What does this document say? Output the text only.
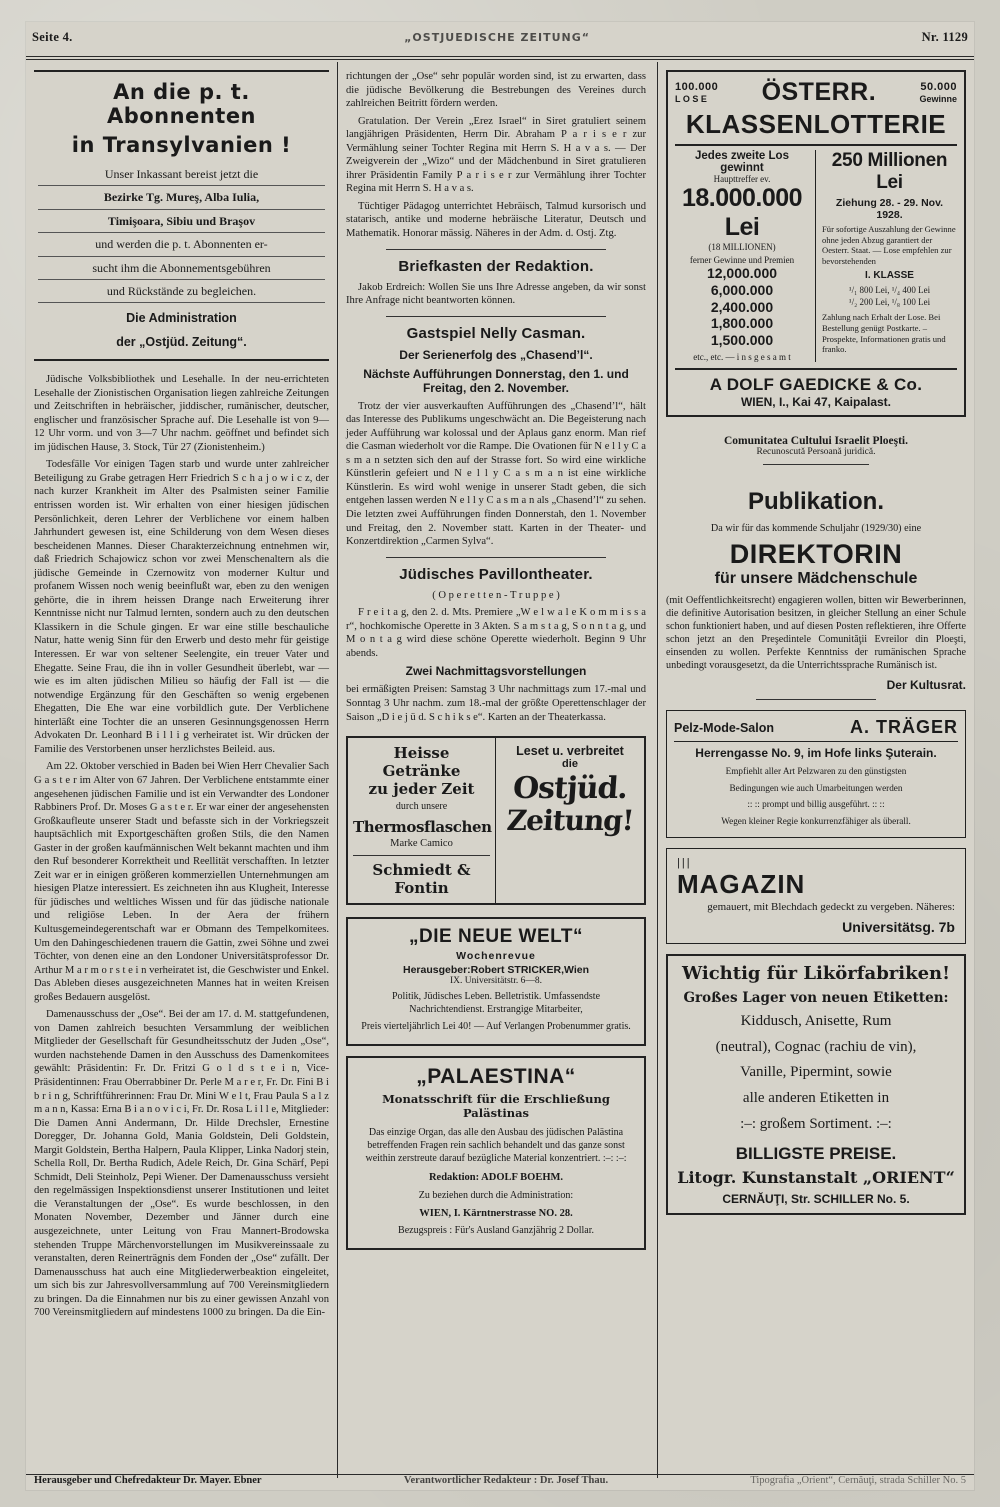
Seite 4.	„OSTJUEDISCHE ZEITUNG“	Nr. 1129
An die p. t. Abonnenten
in Transylvanien !
Unser Inkassant bereist jetzt die
Bezirke Tg. Mureş, Alba Iulia,
Timişoara, Sibiu und Braşov
und werden die p. t. Abonnenten er-
sucht ihm die Abonnementsgebühren
und Rückstände zu begleichen.
Die Administration
der „Ostjüd. Zeitung“.

Jüdische Volksbibliothek und Lesehalle. In der neu-errichteten Lesehalle der Zionistischen Organisation liegen zahlreiche Zeitungen und Zeitschriften in hebräischer, jiddischer, rumänischer, deutscher, englischer und französischer Sprache auf. Die Lesehalle ist von 9—12 Uhr vorm. und von 3—7 Uhr nachm. geöffnet und befindet sich im jüdischen Hause, 3. Stock, Tür 27 (Zionistenheim.)

Todesfälle Vor einigen Tagen starb und wurde unter zahlreicher Beteiligung zu Grabe getragen Herr Friedrich S c h a j o w i c z, der nach kurzer Krankheit im Alter des Psalmisten seiner Familie entrissen worden ist. Wir erhalten von einer hiesigen jüdischen Persönlichkeit, deren Lehrer der Verblichene vor einem halben Jahrhundert gewesen ist, eine Schilderung von dem Wesen dieses bescheidenen Mannes. Dieser Charakterzeichnung entnehmen wir, daß Friedrich Schajowicz schon vor zwei Menschenaltern als die jüdische Gemeinde in Czernowitz von moderner Kultur und profanem Wissen noch wenig beeinflußt war, eben zu den wenigen gehörte, die in ihrem heissen Drange nach Erweiterung ihrer Kenntnisse nicht nur Talmud lernten, sondern auch zu den deutschen Klassikern in die Schule gingen. Er war eine stille beschauliche Natur, hatte wenig Sinn für den Erwerb und desto mehr für geistige Interessen. Er war von seltener Seelengite, ein treuer Vater und Ehegatte. Seine Frau, die ihn in voller Gesundheit überlebt, war — wie es im alten jüdischen Milieu so häufig der Fall ist — die notwendige Ergänzung für den Geschäften so wenig ergebenen Ehegatten, Die Ehe war eine vorbildlich gute. Der Verblichene hinterläßt eine Tochter die an unseren Gesinnungsgenossen Herrn Advokaten Dr. Leonhard B i l l i g verheiratet ist. Wir drücken der Familie des Verstorbenen unser herzlichstes Beileid. aus.

Am 22. Oktober verschied in Baden bei Wien Herr Chevalier Sach G a s t e r im Alter von 67 Jahren. Der Verblichene entstammte einer angesehenen jüdischen Familie und ist ein Verwandter des Londoner Rabbiners Prof. Dr. Moses G a s t e r. Er war einer der angesehensten Großkaufleute unserer Stadt und befasste sich in der Vorkriegszeit hauptsächlich mit Exportgeschäften großen Stils, die den Namen Gaster in der großen kaufmännischen Welt bekannt machten und ihm den Ruf besonderer Korrektheit und Reellität verschafften. In letzter Zeit war er in einigen größeren kommerziellen Unternehmungen am hiesigen Platze interessiert. Es zeichneten ihn aus Klugheit, Interesse für jüdisches und weltliches Wissen und für das jüdische nationale und religiöse Leben. In der Aera der frühern Kultusgemeindegerentschaft war er Obmann des Tempelkomitees. Um den Dahingeschiedenen trauern die Gattin, zwei Söhne und zwei Töchter, von denen eine an den Londoner Universitätsprofessor Dr. Arthur M a r m o r s t e i n verheiratet ist, die Geschwister und Enkel. Das Ableben dieses ausgezeichneten Mannes hat in weiten Kreisen großes Bedauern ausgelöst.

Damenausschuss der „Ose“. Bei der am 17. d. M. stattgefundenen, von Damen zahlreich besuchten Versammlung der weiblichen Mitglieder der Gesellschaft für Gesundheitsschutz der Juden „Ose“, wurden nachstehende Damen in den Ausschuss des Damenkomitees gewählt: Präsidentin: Fr. Dr. Fritzi G o l d s t e i n, Vice-Präsidentinnen: Frau Oberrabbiner Dr. Perle M a r e r, Fr. Dr. Fini B i b r i n g, Schriftführerinnen: Frau Dr. Mini W e l t, Frau Paula S a l z m a n n, Kassa: Erna B i a n o v i c i, Fr. Dr. Rosa L i l l e, Mitglieder: Die Damen Anni Andermann, Dr. Hilde Drechsler, Ernestine Doregger, Dr. Johanna Gold, Mania Goldstein, Deli Goldstein, Margit Goldstein, Bertha Halpern, Paula Klipper, Linka Nadorj stein, Schella Roll, Dr. Bertha Rudich, Adele Reich, Dr. Gina Schärf, Pepi Schmidt, Deli Steinholz, Pepi Wiener. Der Damenausschuss versieht den regelmässigen Inspektionsdienst unserer Institutionen und leitet die Veranstaltungen der „Ose“. Es wurde beschlossen, in den Monaten November, Dezember und Jänner durch eine ausgezeichnete, unter Leitung von Frau Mannert-Brodowska stehenden Truppe Märchenvorstellungen im Musikvereinssaale zu veranstalten, deren Reinerträgnis dem Fonden der „Ose“ zufällt. Der Damenausschuss hat auch eine Mitgliederwerbeaktion eingeleitet, um sich bis zur Jahresvollversammlung auf 700 Vereinsmitgliedern zu bringen. Da die Einnahmen nur bis zu einer gewissen Anzahl von 700 Vereinsmitgliedern auf mindestens 1000 zu bringen. Da die Ein-

richtungen der „Ose“ sehr populär worden sind, ist zu erwarten, dass die jüdische Bevölkerung die Bestrebungen des Vereines durch zahlreichen Beitritt fördern werden.

Gratulation. Der Verein „Erez Israel“ in Siret gratuliert seinem langjährigen Präsidenten, Herrn Dir. Abraham P a r i s e r zur Vermählung seiner Tochter Regina mit Herrn S. H a v a s. — Der Zweigverein der „Wizo“ und der Mädchenbund in Siret gratulieren ihrer Präsidentin Family P a r i s e r zur Vermählung ihrer Tochter Regina mit Herrn S. H a v a s.

Tüchtiger Pädagog unterrichtet Hebräisch, Talmud kursorisch und statarisch, antike und moderne hebräische Literatur, Deutsch und Mathematik. Honorar mässig. Näheres in der Adm. d. Ostj. Ztg.

Briefkasten der Redaktion.

Jakob Erdreich: Wollen Sie uns Ihre Adresse angeben, da wir sonst Ihre Anfrage nicht beantworten können.

Gastspiel Nelly Casman.
Der Serienerfolg des „Chasend’l“.
Nächste Aufführungen Donnerstag, den 1. und Freitag, den 2. November.

Trotz der vier ausverkauften Aufführungen des „Chasend’l“, hält das Interesse des Publikums ungeschwächt an. Die Begeisterung nach jeder Aufführung war kolossal und der Aplaus ganz enorm. Man rief die Casman wiederholt vor die Rampe. Die Ovationen für N e l l y C a s m a n setzten sich den auf der Strasse fort. So wird eine wirkliche Künstlerin gefeiert und N e l l y C a s m a n ist eine wirkliche Künstlerin. Es wird wohl wenige in unserer Stadt geben, die sich entgehen lassen werden N e l l y C a s m a n als „Chasend’l“ zu sehen. Die letzten zwei Aufführungen finden Donnerstah, den 1. November und Freitag, den 2. November statt. Karten in der Theater- und Konzertdirektion „Carmen Sylva“.

Jüdisches Pavillontheater.

( O p e r e t t e n - T r u p p e )

F r e i t a g, den 2. d. Mts. Premiere „W e l w a l e K o m m i s s a r“, hochkomische Operette in 3 Akten. S a m s t a g, S o n n t a g, und M o n t a g wird diese schöne Operette wiederholt. Beginn 9 Uhr abends.

Zwei Nachmittagsvorstellungen

bei ermäßigten Preisen: Samstag 3 Uhr nachmittags zum 17.-mal und Sonntag 3 Uhr nachm. zum 18.-mal der größte Operettenschlager der Saison „D i e j ü d. S c h i k s e“. Karten an der Theaterkassa.

Heisse Getränke
zu jeder Zeit
durch unsere
Thermosflaschen
Marke Camico
Schmiedt & Fontin
Leset u. verbreitet
die
Ostjüd.
Zeitung!
„DIE NEUE WELT“
Wochenrevue
Herausgeber:Robert STRICKER,Wien
IX. Universitätstr. 6—8.

Politik, Jüdisches Leben. Belletristik. Umfassendste Nachrichtendienst. Erstrangige Mitarbeiter,

Preis vierteljährlich Lei 40! — Auf Verlangen Probenummer gratis.

„PALAESTINA“
Monatsschrift für die Erschließung Palästinas

Das einzige Organ, das alle den Ausbau des jüdischen Palästina betreffenden Fragen rein sachlich behandelt und das ganze sonst weithin zerstreute darauf bezügliche Material konzentriert. :–: :–:

Redaktion: ADOLF BOEHM.

Zu beziehen durch die Administration:

WIEN, I. Kärntnerstrasse NO. 28.

Bezugspreis : Für's Ausland Ganzjährig 2 Dollar.

100.000
L O S E	ÖSTERR.	50.000
Gewinne
KLASSENLOTTERIE
Jedes zweite Los gewinnt
Haupttreffer ev.
18.000.000 Lei
(18 MILLIONEN)
ferner Gewinne und Premien
12,000.000
6,000.000
2,400.000
1,800.000
1,500.000
etc., etc. — i n s g e s a m t
250 Millionen Lei
Ziehung 28. - 29. Nov. 1928.
Für sofortige Auszahlung der Gewinne ohne jeden Abzug garantiert der Oesterr. Staat. — Lose empfehlen zur bevorstehenden
I. KLASSE
¹/₁ 800 Lei, ¹/₄ 400 Lei
¹/₂ 200 Lei, ¹/₈ 100 Lei
Zahlung nach Erhalt der Lose. Bei Bestellung genügt Postkarte. – Prospekte, Informationen gratis und franko.
A DOLF GAEDICKE & Co.
WIEN, I., Kai 47, Kaipalast.
Comunitatea Cultului Israelit Ploeşti.
Recunoscută Persoană juridică.
Publikation.

Da wir für das kommende Schuljahr (1929/30) eine

DIREKTORIN
für unsere Mädchenschule

(mit Oeffentlichkeitsrecht) engagieren wollen, bitten wir Bewerberinnen, die definitive Autorisation besitzen, in gleicher Stellung an einer Schule schon funktioniert haben, und auf diesen Posten reflektieren, ihre Offerte schon jetzt an den Preşedintele Comunităţii Evreilor din Ploeşti, einsenden zu wollen. Perfekte Kenntniss der rumänischen Sprache unbedingt vorausgesetzt, da die Unterrichtssprache Rumänisch ist.

Der Kultusrat.
Pelz-Mode-Salon	A. TRÄGER
Herrengasse No. 9, im Hofe links Şuterain.

Empfiehlt aller Art Pelzwaren zu den günstigsten

Bedingungen wie auch Umarbeitungen werden

:: :: prompt und billig ausgeführt. :: ::

Wegen kleiner Regie konkurrenzfähiger als überall.

|||
MAGAZIN

gemauert, mit Blechdach gedeckt zu vergeben. Näheres:

Universitätsg. 7b
Wichtig für Likörfabriken!
Großes Lager von neuen Etiketten:

Kiddusch, Anisette, Rum

(neutral), Cognac (rachiu de vin),

Vanille, Pipermint, sowie

alle anderen Etiketten in

:–: großem Sortiment. :–:

BILLIGSTE PREISE.
Litogr. Kunstanstalt „ORIENT“
CERNĂUŢI, Str. SCHILLER No. 5.
Herausgeber und Chefredakteur Dr. Mayer. Ebner	Verantwortlicher Redakteur : Dr. Josef Thau.	Tipografia „Orient“, Cernăuţi, strada Schiller No. 5
